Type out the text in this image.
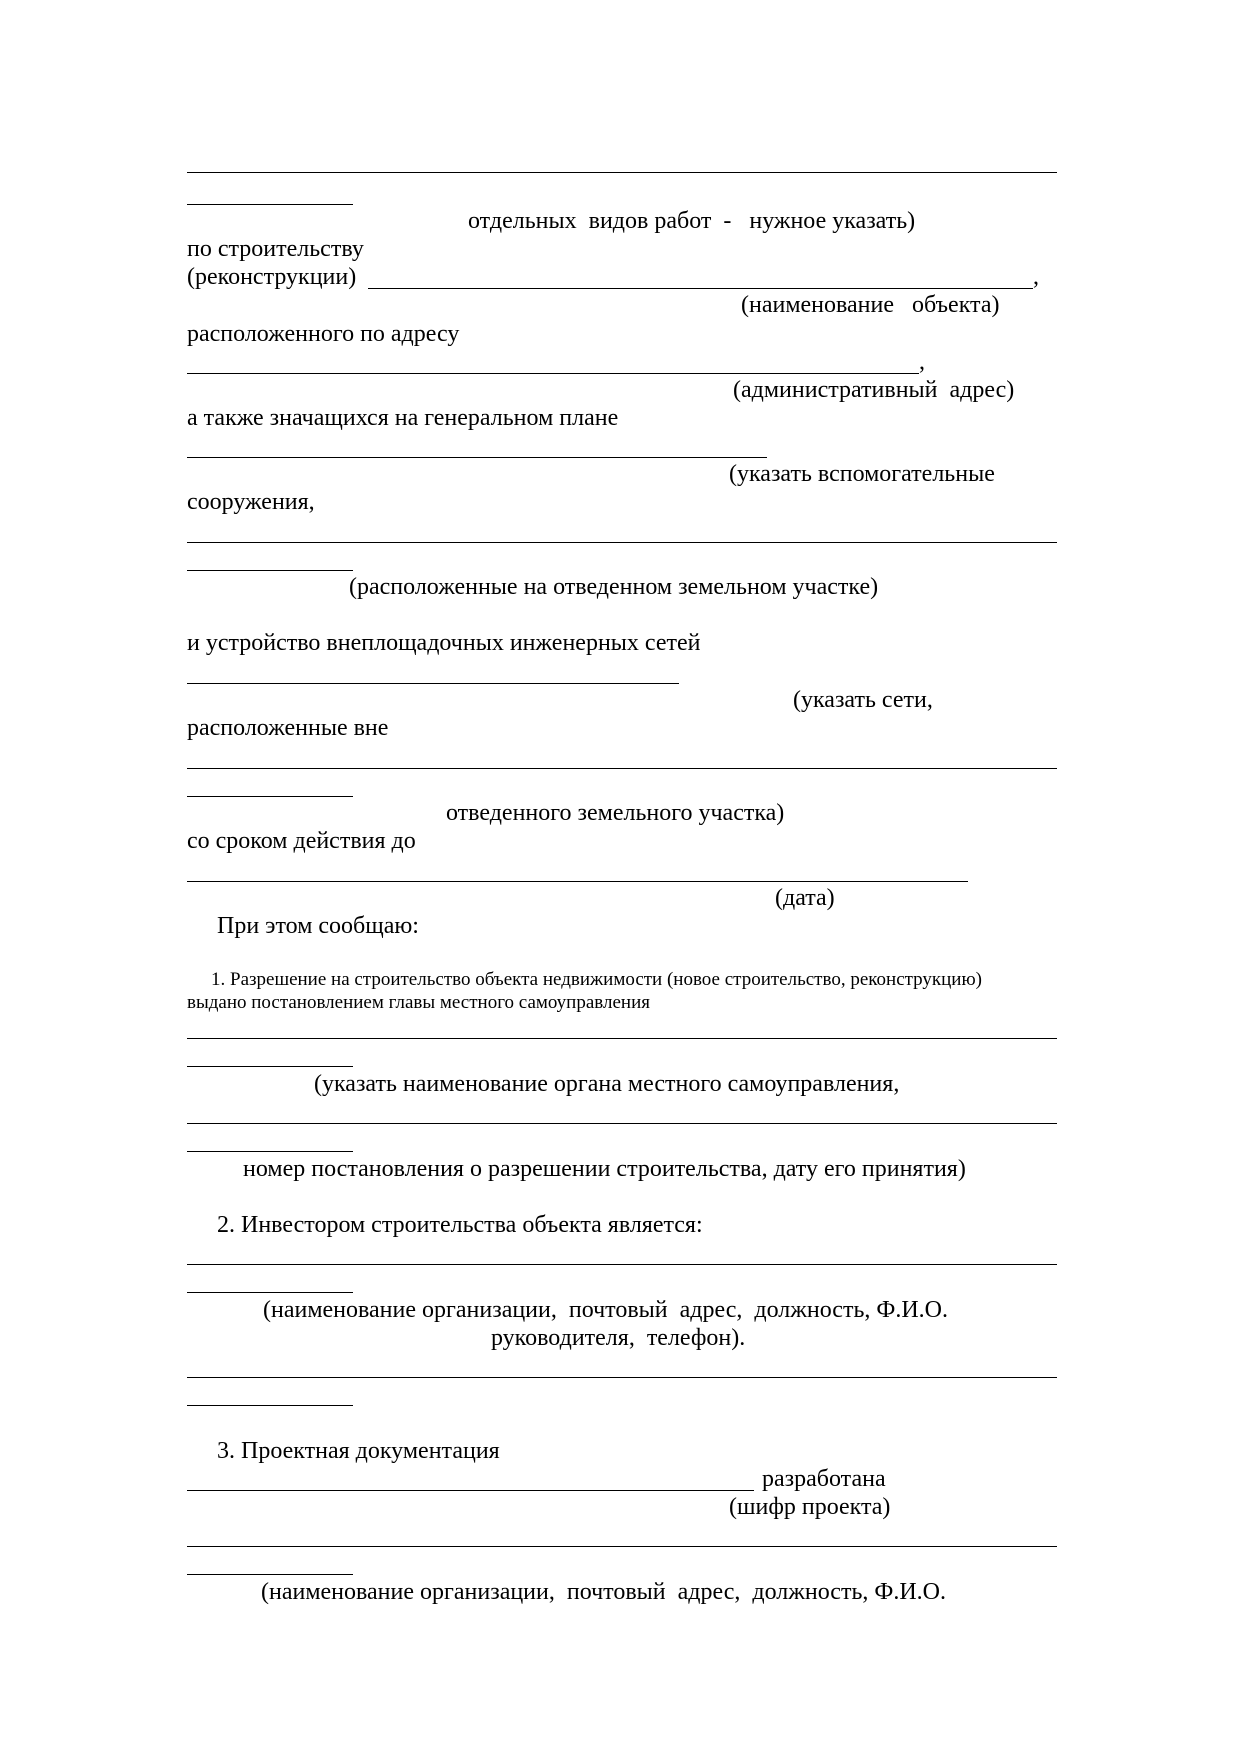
отдельных  видов работ  -   нужное указать)
по строительству
(реконструкции)	,
(наименование   объекта)
расположенного по адресу
,
(административный  адрес)
а также значащихся на генеральном плане
(указать вспомогательные
сооружения,
(расположенные на отведенном земельном участке)
и устройство внеплощадочных инженерных сетей
(указать сети,
расположенные вне
отведенного земельного участка)
со сроком действия до
(дата)
При этом сообщаю:
1. Разрешение на строительство объекта недвижимости (новое строительство, реконструкцию)
выдано постановлением главы местного самоуправления
(указать наименование органа местного самоуправления,
номер постановления о разрешении строительства, дату его принятия)
2. Инвестором строительства объекта является:
(наименование организации,  почтовый  адрес,  должность, Ф.И.О.
руководителя,  телефон).
3. Проектная документация
разработана
(шифр проекта)
(наименование организации,  почтовый  адрес,  должность, Ф.И.О.
